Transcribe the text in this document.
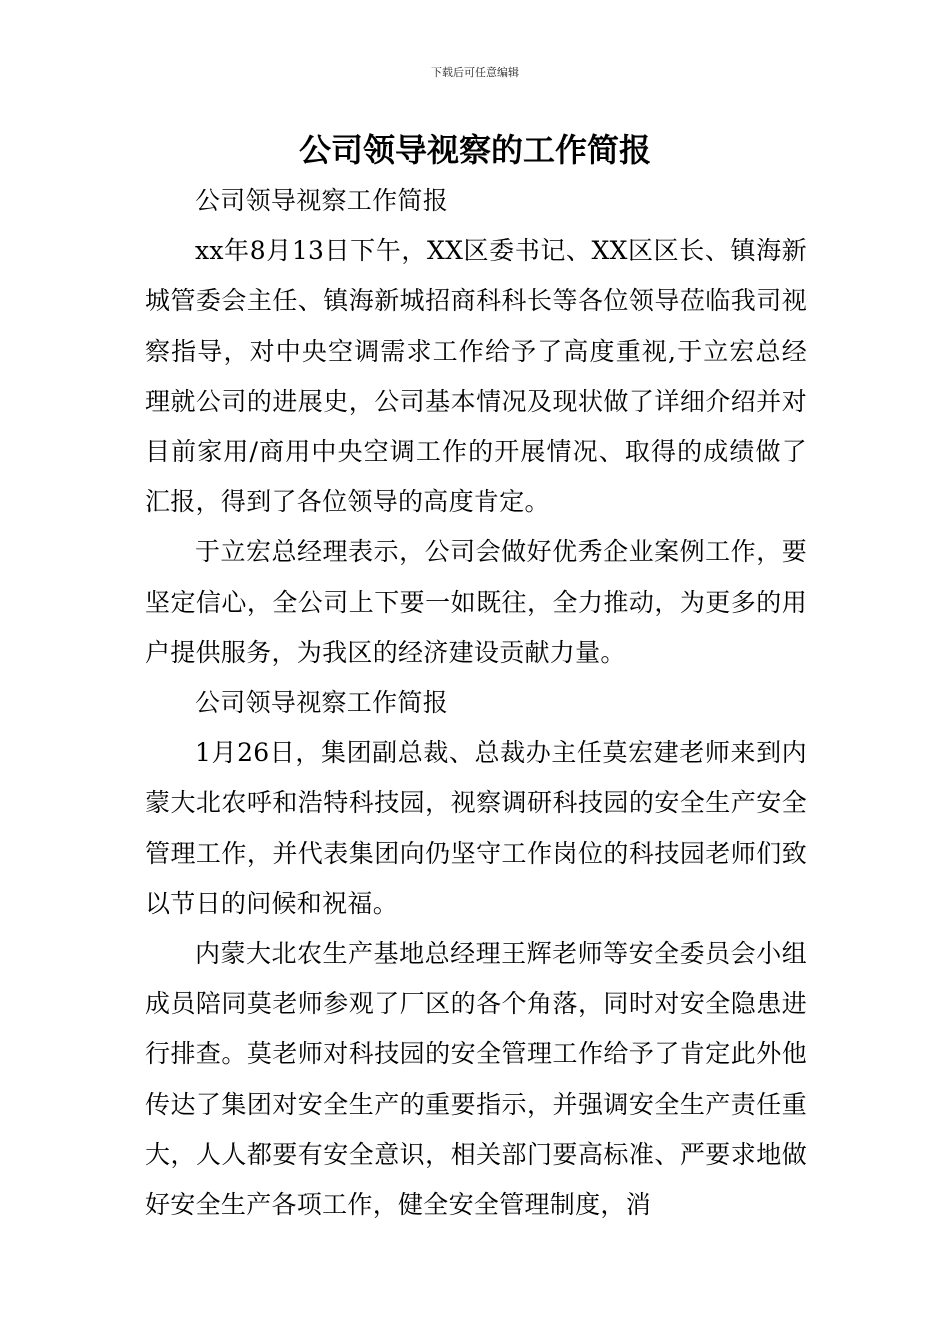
下载后可任意编辑
公司领导视察的工作简报

公司领导视察工作简报

xx年8月13日下午，XX区委书记、XX区区长、镇海新城管委会主任、镇海新城招商科科长等各位领导莅临我司视察指导，对中央空调需求工作给予了高度重视,于立宏总经理就公司的进展史，公司基本情况及现状做了详细介绍并对目前家用/商用中央空调工作的开展情况、取得的成绩做了汇报，得到了各位领导的高度肯定。

于立宏总经理表示，公司会做好优秀企业案例工作，要坚定信心，全公司上下要一如既往，全力推动，为更多的用户提供服务，为我区的经济建设贡献力量。

公司领导视察工作简报

1月26日，集团副总裁、总裁办主任莫宏建老师来到内蒙大北农呼和浩特科技园，视察调研科技园的安全生产安全管理工作，并代表集团向仍坚守工作岗位的科技园老师们致以节日的问候和祝福。

内蒙大北农生产基地总经理王辉老师等安全委员会小组成员陪同莫老师参观了厂区的各个角落，同时对安全隐患进行排查。莫老师对科技园的安全管理工作给予了肯定此外他传达了集团对安全生产的重要指示，并强调安全生产责任重大，人人都要有安全意识，相关部门要高标准、严要求地做好安全生产各项工作，健全安全管理制度，消
